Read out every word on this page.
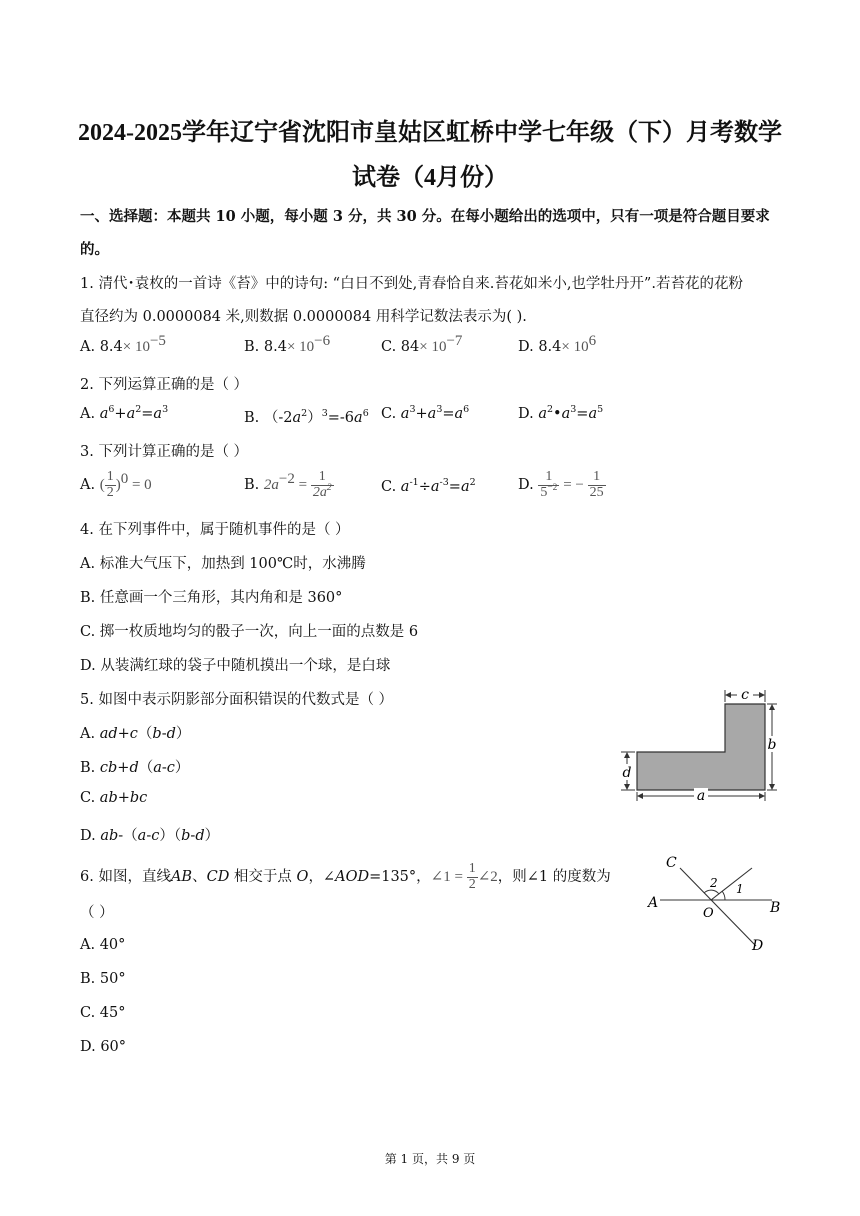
2024-2025学年辽宁省沈阳市皇姑区虹桥中学七年级（下）月考数学
试卷（4月份）
一、选择题：本题共 10 小题，每小题 3 分，共 30 分。在每小题给出的选项中，只有一项是符合题目要求
的。
1. 清代･袁枚的一首诗《苔》中的诗句: “白日不到处,青春恰自来.苔花如米小,也学牡丹开”.若苔花的花粉
直径约为 0.0000084 米,则数据 0.0000084 用科学记数法表示为( ).
A. $8.4\times 10^{-5}$	B. $8.4\times 10^{-6}$	C. $84\times 10^{-7}$	D. $8.4\times 10^6$
2. 下列运算正确的是（ ）
A. $a^6+a^2=a^3$
B. $(-2a^2)^3=-6a^6$ C. $a^3+a^3=a^6$	D. $a^2•a^3=a^5$
3. 下列计算正确的是（ ）
A. ( $\frac{1}{2} )^0 = 0$	B. $2a^{-2} = \frac{1}{2a^2}$	C. $a^{-1}\div a^{-3}=a^2$	D. $\frac{1}{5^{-2}}$ = − $\frac{1}{25}$
4. 在下列事件中，属于随机事件的是（ ）
A. 标准大气压下，加热到 100℃时，水沸腾
B. 任意画一个三角形，其内角和是 360°
C. 掷一枚质地均匀的骰子一次，向上一面的点数是 6
D. 从装满红球的袋子中随机摸出一个球，是白球
5. 如图中表示阴影部分面积错误的代数式是（ ）
A. ad+c（b-d）
B. cb+d（a-c）
C. ab+bc
D. ab-（a-c）（b-d）
c
b
d
a
6. 如图，直线AB、CD 相交于点 O，∠AOD=135°，∠1 = $\frac{1}{2}$ ∠2，则∠1 的度数为
（ ）
A. 40°
B. 50°
C. 45°
D. 60°
C
A	B
D
O
2 1
第 1 页，共 9 页
